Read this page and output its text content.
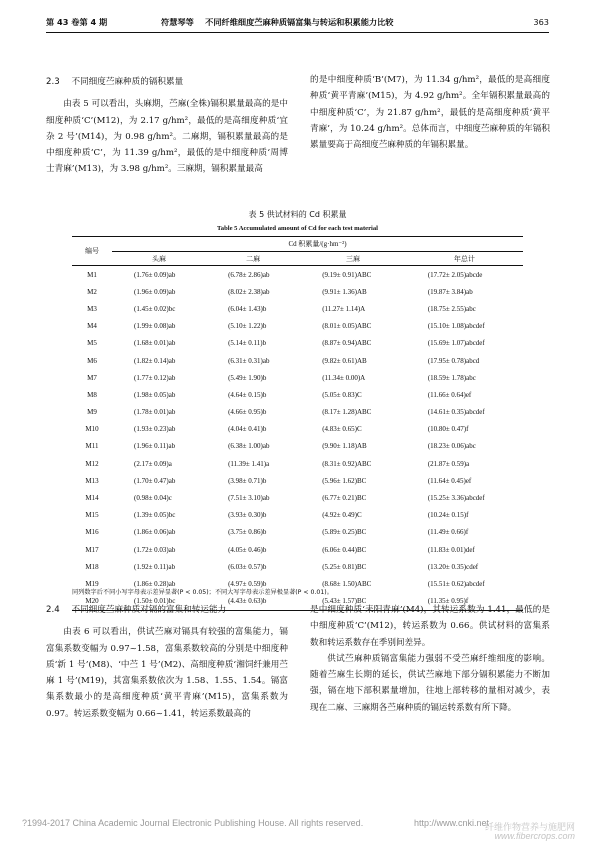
第 43 卷第 4 期	符慧琴等 不同纤维细度苎麻种质镉富集与转运和积累能力比较	363
2.3 不同细度苎麻种质的镉积累量

由表 5 可以看出，头麻期，苎麻(全株)镉积累量最高的是中细度种质‘C’(M12)，为 2.17 g/hm²，最低的是高细度种质‘宜杂 2 号’(M14)，为 0.98 g/hm²。二麻期，镉积累量最高的是中细度种质‘C’，为 11.39 g/hm²，最低的是中细度种质‘周博士青麻’(M13)，为 3.98 g/hm²。三麻期，镉积累量最高

的是中细度种质‘B’(M7)，为 11.34 g/hm²，最低的是高细度种质‘黄平青麻’(M15)，为 4.92 g/hm²。全年镉积累量最高的中细度种质‘C’，为 21.87 g/hm²，最低的是高细度种质‘黄平青麻’，为 10.24 g/hm²。总体而言，中细度苎麻种质的年镉积累量要高于高细度苎麻种质的年镉积累量。

表 5 供试材料的 Cd 积累量
Table 5 Accumulated amount of Cd for each test material
编号	Cd 积累量/(g·hm⁻²)			
	头麻	二麻	三麻	年总计
M1	(1.76± 0.09)ab	(6.78± 2.86)ab	(9.19± 0.91)ABC	(17.72± 2.05)abcde
M2	(1.96± 0.09)ab	(8.02± 2.38)ab	(9.91± 1.36)AB	(19.87± 3.84)ab
M3	(1.45± 0.02)bc	(6.04± 1.43)b	(11.27± 1.14)A	(18.75± 2.55)abc
M4	(1.99± 0.08)ab	(5.10± 1.22)b	(8.01± 0.05)ABC	(15.10± 1.08)abcdef
M5	(1.68± 0.01)ab	(5.14± 0.11)b	(8.87± 0.94)ABC	(15.69± 1.07)abcdef
M6	(1.82± 0.14)ab	(6.31± 0.31)ab	(9.82± 0.61)AB	(17.95± 0.78)abcd
M7	(1.77± 0.12)ab	(5.49± 1.90)b	(11.34± 0.00)A	(18.59± 1.78)abc
M8	(1.98± 0.05)ab	(4.64± 0.15)b	(5.05± 0.83)C	(11.66± 0.64)ef
M9	(1.78± 0.01)ab	(4.66± 0.95)b	(8.17± 1.28)ABC	(14.61± 0.35)abcdef
M10	(1.93± 0.23)ab	(4.04± 0.41)b	(4.83± 0.65)C	(10.80± 0.47)f
M11	(1.96± 0.11)ab	(6.38± 1.00)ab	(9.90± 1.18)AB	(18.23± 0.06)abc
M12	(2.17± 0.09)a	(11.39± 1.41)a	(8.31± 0.92)ABC	(21.87± 0.59)a
M13	(1.70± 0.47)ab	(3.98± 0.71)b	(5.96± 1.62)BC	(11.64± 0.45)ef
M14	(0.98± 0.04)c	(7.51± 3.10)ab	(6.77± 0.21)BC	(15.25± 3.36)abcdef
M15	(1.39± 0.05)bc	(3.93± 0.30)b	(4.92± 0.49)C	(10.24± 0.15)f
M16	(1.86± 0.06)ab	(3.75± 0.86)b	(5.89± 0.25)BC	(11.49± 0.66)f
M17	(1.72± 0.03)ab	(4.05± 0.46)b	(6.06± 0.44)BC	(11.83± 0.01)def
M18	(1.92± 0.11)ab	(6.03± 0.57)b	(5.25± 0.81)BC	(13.20± 0.35)cdef
M19	(1.86± 0.28)ab	(4.97± 0.59)b	(8.68± 1.50)ABC	(15.51± 0.62)abcdef
M20	(1.50± 0.01)bc	(4.43± 0.63)b	(5.43± 1.57)BC	(11.35± 0.95)f
同列数字后不同小写字母表示差异显著(P < 0.05)；不同大写字母表示差异极显著(P < 0.01)。
2.4 不同细度苎麻种质对镉的富集和转运能力

由表 6 可以看出，供试苎麻对镉具有较强的富集能力，镉富集系数变幅为 0.97~1.58，富集系数较高的分别是中细度种质‘新 1 号’(M8)、‘中苎 1 号’(M2)、高细度种质‘湘饲纤兼用苎麻 1 号’(M19)，其富集系数依次为 1.58、1.55、1.54。镉富集系数最小的是高细度种质‘黄平青麻’(M15)，富集系数为 0.97。转运系数变幅为 0.66~1.41，转运系数最高的

是中细度种质‘耒阳青麻’(M4)，其转运系数为 1.41，最低的是中细度种质‘C’(M12)，转运系数为 0.66。供试材料的富集系数和转运系数存在季别间差异。

供试苎麻种质镉富集能力强弱不受苎麻纤维细度的影响。随着苎麻生长期的延长，供试苎麻地下部分镉积累能力不断加强，镉在地下部积累量增加，往地上部转移的量相对减少，表现在二麻、三麻期各苎麻种质的镉运转系数有所下降。

?1994-2017 China Academic Journal Electronic Publishing House. All rights reserved.	http://www.cnki.net
纤维作物营养与施肥网
www.fibercrops.com
